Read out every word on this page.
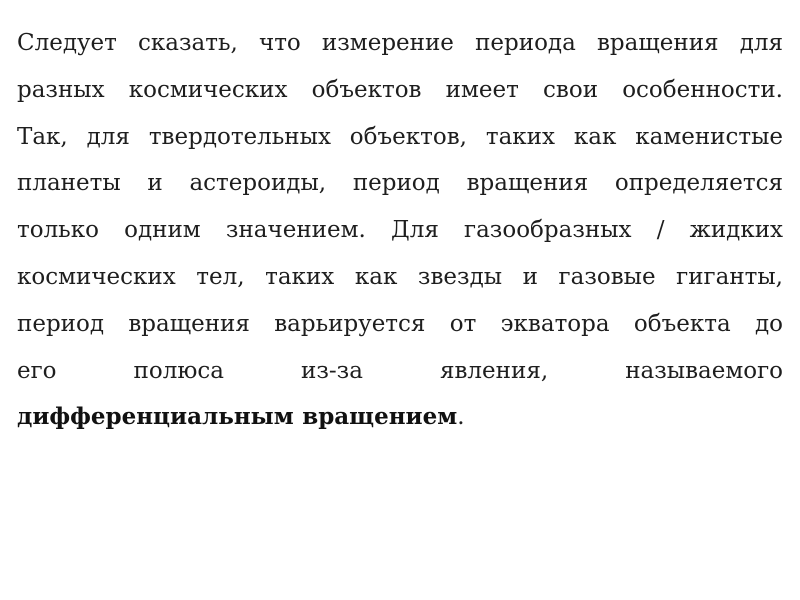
Следует сказать, что измерение периода вращения для
разных космических объектов имеет свои особенности.
Так, для твердотельных объектов, таких как каменистые
планеты и астероиды, период вращения определяется
только одним значением. Для газообразных / жидких
космических тел, таких как звезды и газовые гиганты,
период вращения варьируется от экватора объекта до
его полюса из-за явления, называемого
дифференциальным вращением.
